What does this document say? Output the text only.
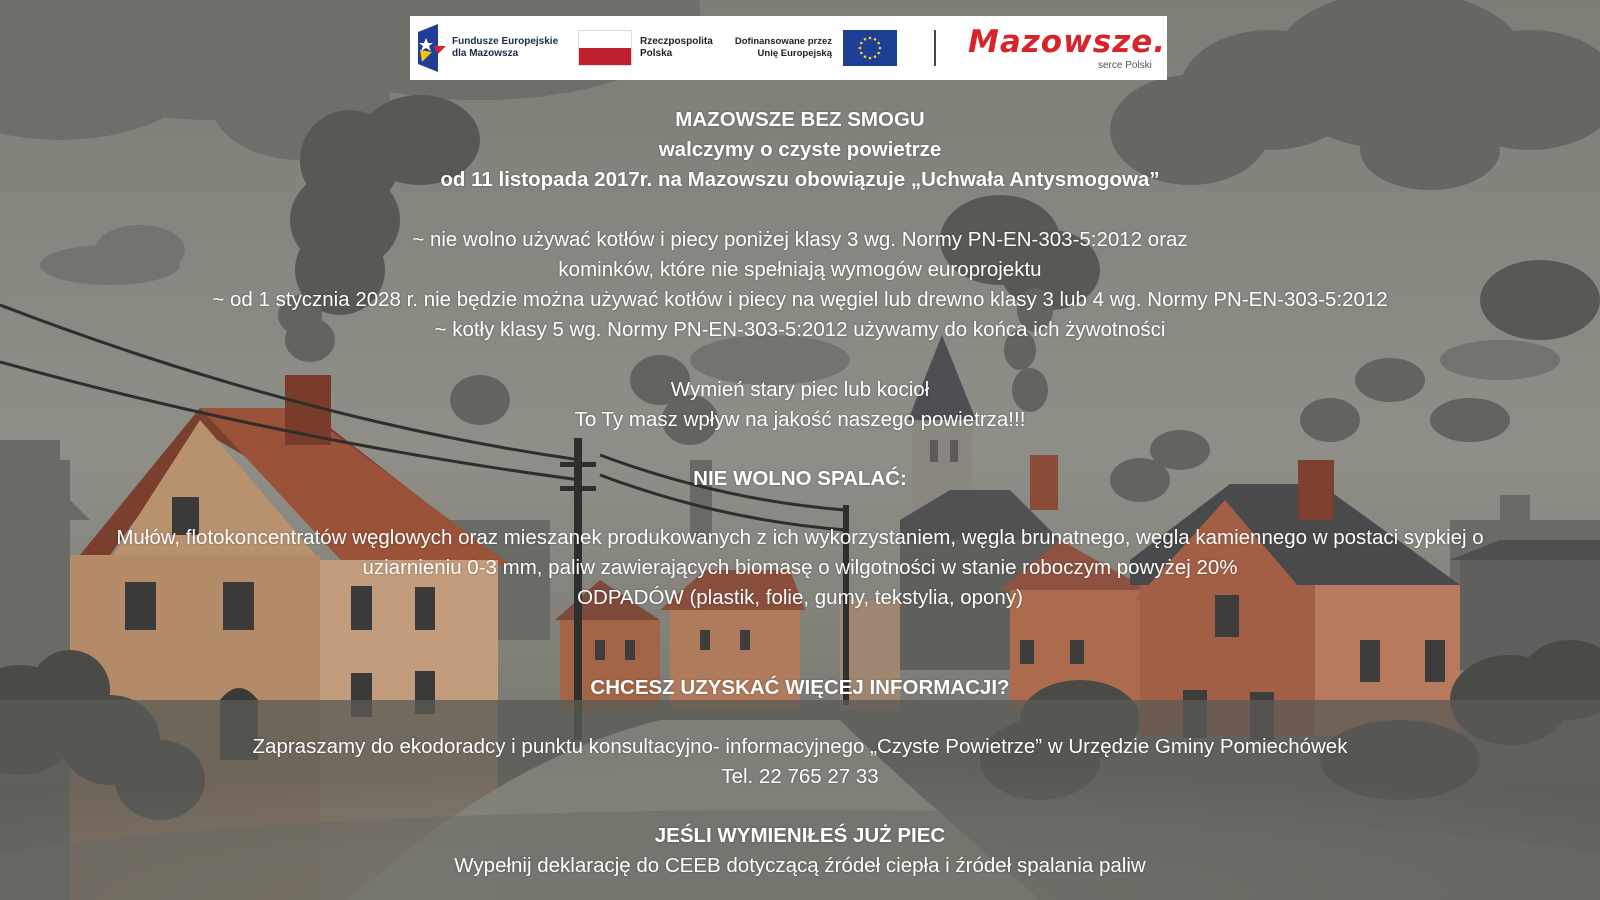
Fundusze Europejskie
dla Mazowsza
Rzeczpospolita
Polska
Dofinansowane przez
Unię Europejską	Mazowsze.
serce Polski
MAZOWSZE BEZ SMOGU
walczymy o czyste powietrze
od 11 listopada 2017r. na Mazowszu obowiązuje „Uchwała Antysmogowa”
~ nie wolno używać kotłów i piecy poniżej klasy 3 wg. Normy PN-EN-303-5:2012 oraz
kominków, które nie spełniają wymogów europrojektu
~ od 1 stycznia 2028 r. nie będzie można używać kotłów i piecy na węgiel lub drewno klasy 3 lub 4 wg. Normy PN-EN-303-5:2012
~ kotły klasy 5 wg. Normy PN-EN-303-5:2012 używamy do końca ich żywotności
Wymień stary piec lub kocioł
To Ty masz wpływ na jakość naszego powietrza!!!
NIE WOLNO SPALAĆ:
Mułów, flotokoncentratów węglowych oraz mieszanek produkowanych z ich wykorzystaniem, węgla brunatnego, węgla kamiennego w postaci sypkiej o
uziarnieniu 0-3 mm, paliw zawierających biomasę o wilgotności w stanie roboczym powyżej 20%
ODPADÓW (plastik, folie, gumy, tekstylia, opony)
CHCESZ UZYSKAĆ WIĘCEJ INFORMACJI?
Zapraszamy do ekodoradcy i punktu konsultacyjno- informacyjnego „Czyste Powietrze” w Urzędzie Gminy Pomiechówek
Tel. 22 765 27 33
JEŚLI WYMIENIŁEŚ JUŻ PIEC
Wypełnij deklarację do CEEB dotyczącą źródeł ciepła i źródeł spalania paliw
